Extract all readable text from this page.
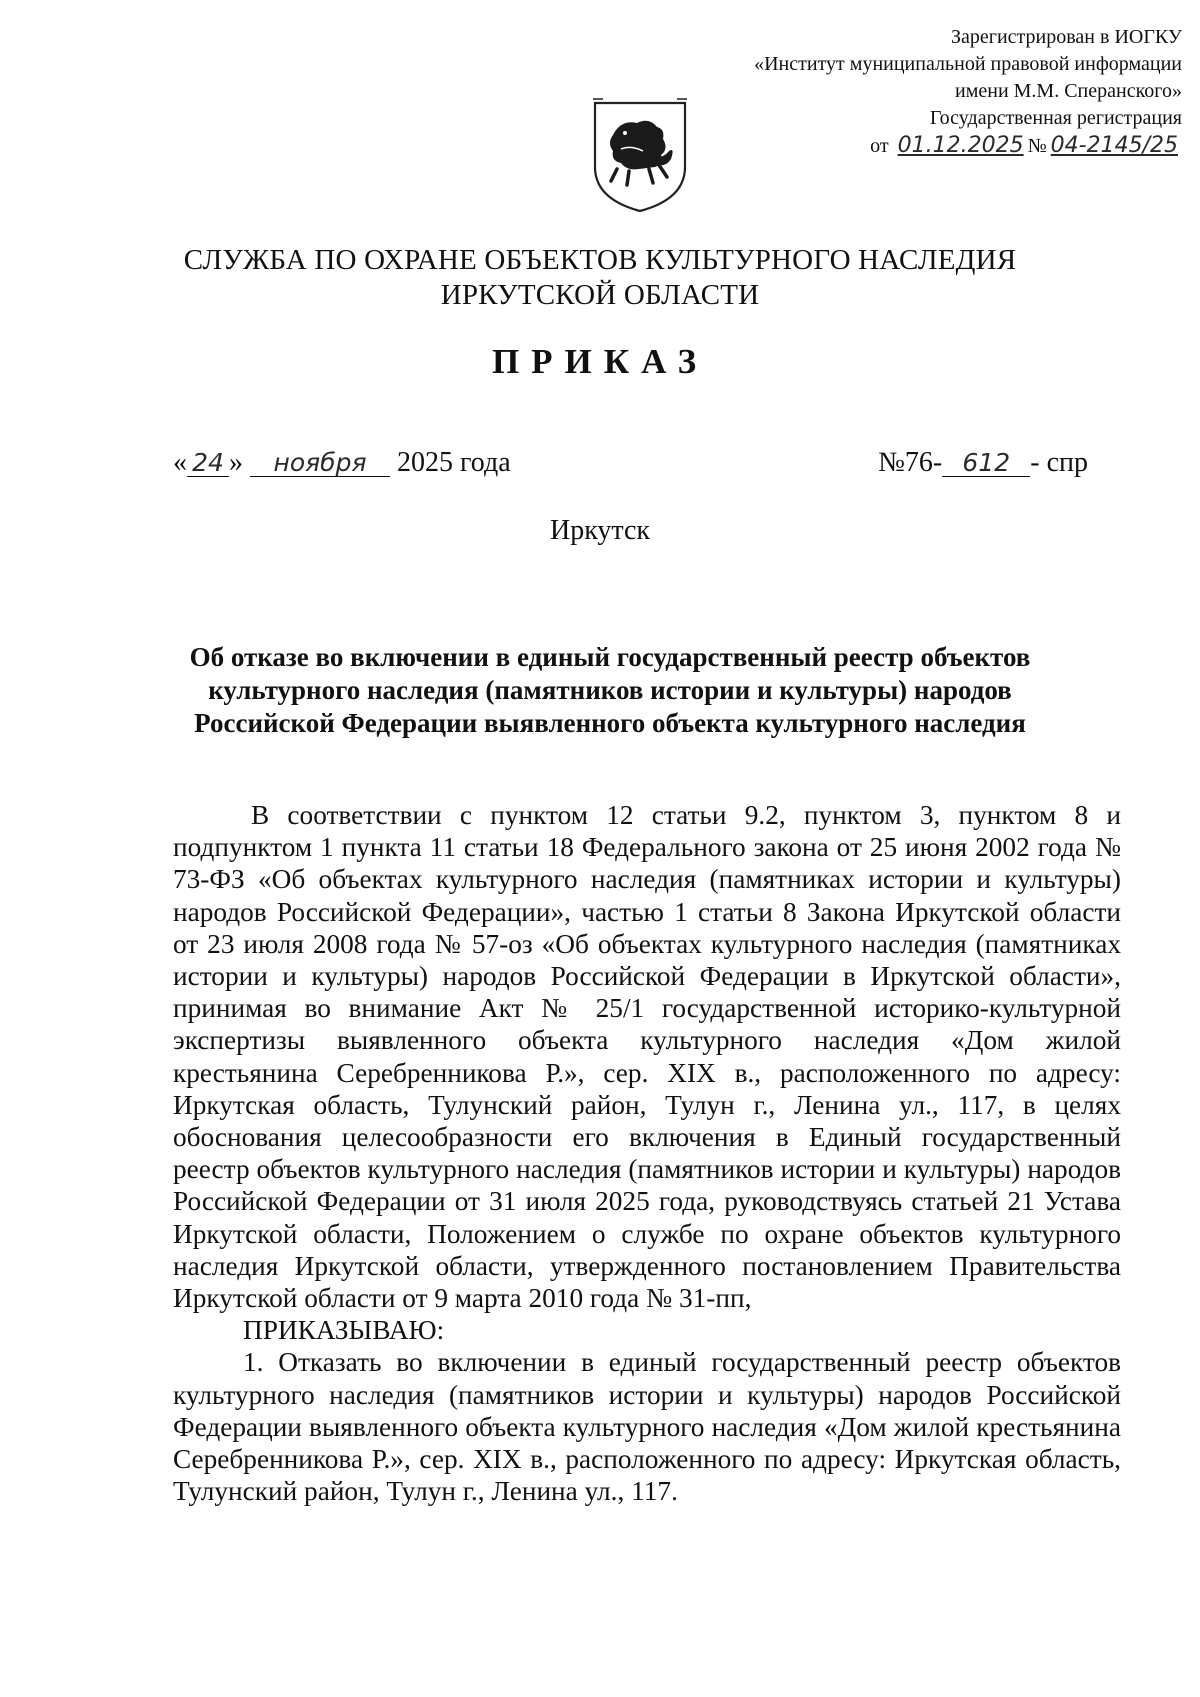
Зарегистрирован в ИОГКУ
«Институт муниципальной правовой информации
имени М.М. Сперанского»
Государственная регистрация
от 01.12.2025 № 04-2145/25
СЛУЖБА ПО ОХРАНЕ ОБЪЕКТОВ КУЛЬТУРНОГО НАСЛЕДИЯ
ИРКУТСКОЙ ОБЛАСТИ
ПРИКАЗ
« 24 » ноября 2025 года	№76- 612 - спр
Иркутск
Об отказе во включении в единый государственный реестр объектов культурного наследия (памятников истории и культуры) народов Российской Федерации выявленного объекта культурного наследия

В соответствии с пунктом 12 статьи 9.2, пунктом 3, пунктом 8 и подпунктом 1 пункта 11 статьи 18 Федерального закона от 25 июня 2002 года № 73-ФЗ «Об объектах культурного наследия (памятниках истории и культуры) народов Российской Федерации», частью 1 статьи 8 Закона Иркутской области от 23 июля 2008 года № 57-оз «Об объектах культурного наследия (памятниках истории и культуры) народов Российской Федерации в Иркутской области», принимая во внимание Акт № 25/1 государственной историко-культурной экспертизы выявленного объекта культурного наследия «Дом жилой крестьянина Серебренникова Р.», сер. XIX в., расположенного по адресу: Иркутская область, Тулунский район, Тулун г., Ленина ул., 117, в целях обоснования целесообразности его включения в Единый государственный реестр объектов культурного наследия (памятников истории и культуры) народов Российской Федерации от 31 июля 2025 года, руководствуясь статьей 21 Устава Иркутской области, Положением о службе по охране объектов культурного наследия Иркутской области, утвержденного постановлением Правительства Иркутской области от 9 марта 2010 года № 31-пп,

ПРИКАЗЫВАЮ:

1. Отказать во включении в единый государственный реестр объектов культурного наследия (памятников истории и культуры) народов Российской Федерации выявленного объекта культурного наследия «Дом жилой крестьянина Серебренникова Р.», сер. XIX в., расположенного по адресу: Иркутская область, Тулунский район, Тулун г., Ленина ул., 117.
